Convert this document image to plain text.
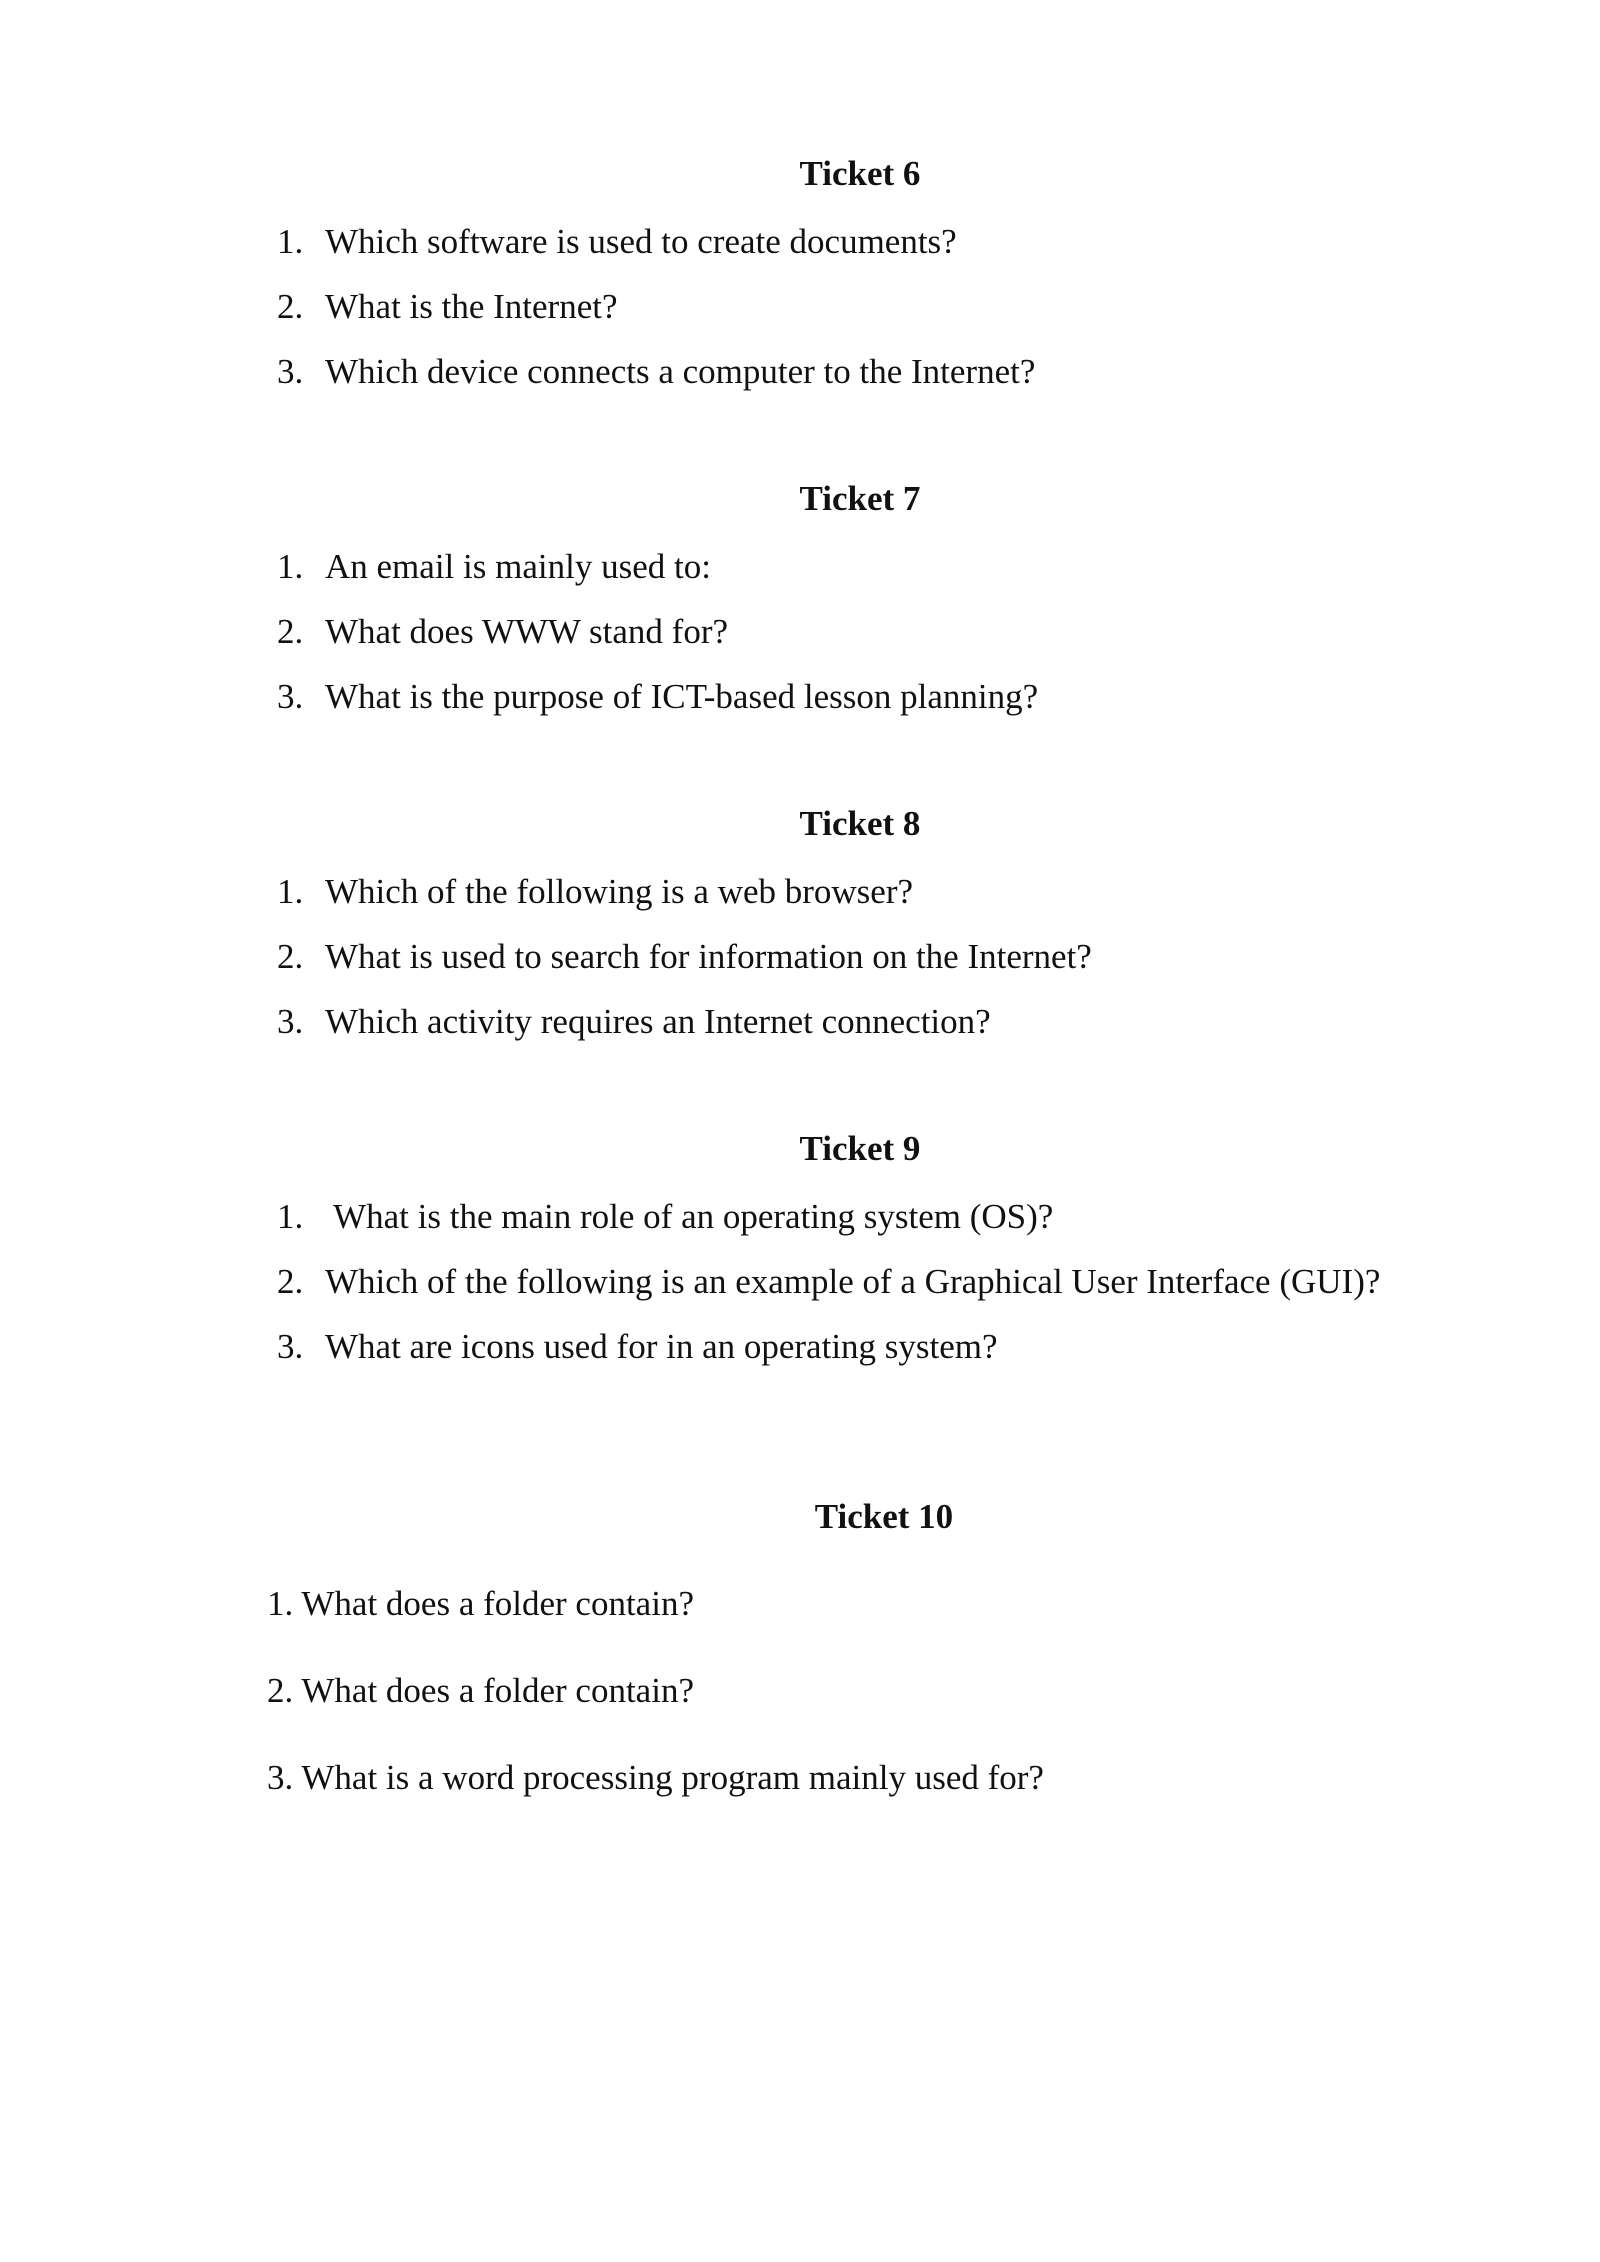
Ticket 6
1. Which software is used to create documents?
2. What is the Internet?
3. Which device connects a computer to the Internet?
Ticket 7
1. An email is mainly used to:
2. What does WWW stand for?
3. What is the purpose of ICT-based lesson planning?
Ticket 8
1. Which of the following is a web browser?
2. What is used to search for information on the Internet?
3. Which activity requires an Internet connection?
Ticket 9
1. What is the main role of an operating system (OS)?
2. Which of the following is an example of a Graphical User Interface (GUI)?
3. What are icons used for in an operating system?
Ticket 10
1. What does a folder contain?
2. What does a folder contain?
3. What is a word processing program mainly used for?
